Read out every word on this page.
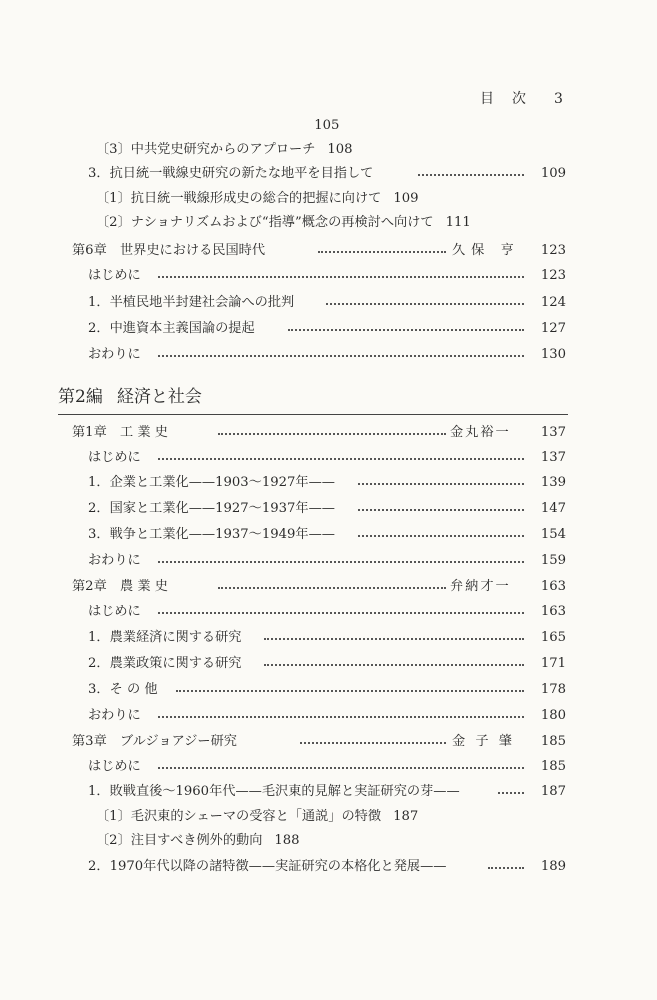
目　次 3
105
〔3〕中共党史研究からのアプローチ 108
3．抗日統一戦線史研究の新たな地平を目指して	109
〔1〕抗日統一戦線形成史の総合的把握に向けて 109
〔2〕ナショナリズムおよび“指導”概念の再検討へ向けて 111
第6章　世界史における民国時代	久保 亨 123
はじめに	123
1．半植民地半封建社会論への批判	124
2．中進資本主義国論の提起	127
おわりに	130
第2編 経済と社会
第1章　工 業 史	金丸裕一 137
はじめに	137
1．企業と工業化——1903〜1927年——	139
2．国家と工業化——1927〜1937年——	147
3．戦争と工業化——1937〜1949年——	154
おわりに	159
第2章　農 業 史	弁納才一 163
はじめに	163
1．農業経済に関する研究	165
2．農業政策に関する研究	171
3．そ の 他	178
おわりに	180
第3章　ブルジョアジー研究	金 子 肇 185
はじめに	185
1．敗戦直後〜1960年代——毛沢東的見解と実証研究の芽——	187
〔1〕毛沢東的シェーマの受容と「通説」の特徴 187
〔2〕注目すべき例外的動向 188
2．1970年代以降の諸特徴——実証研究の本格化と発展——	189
